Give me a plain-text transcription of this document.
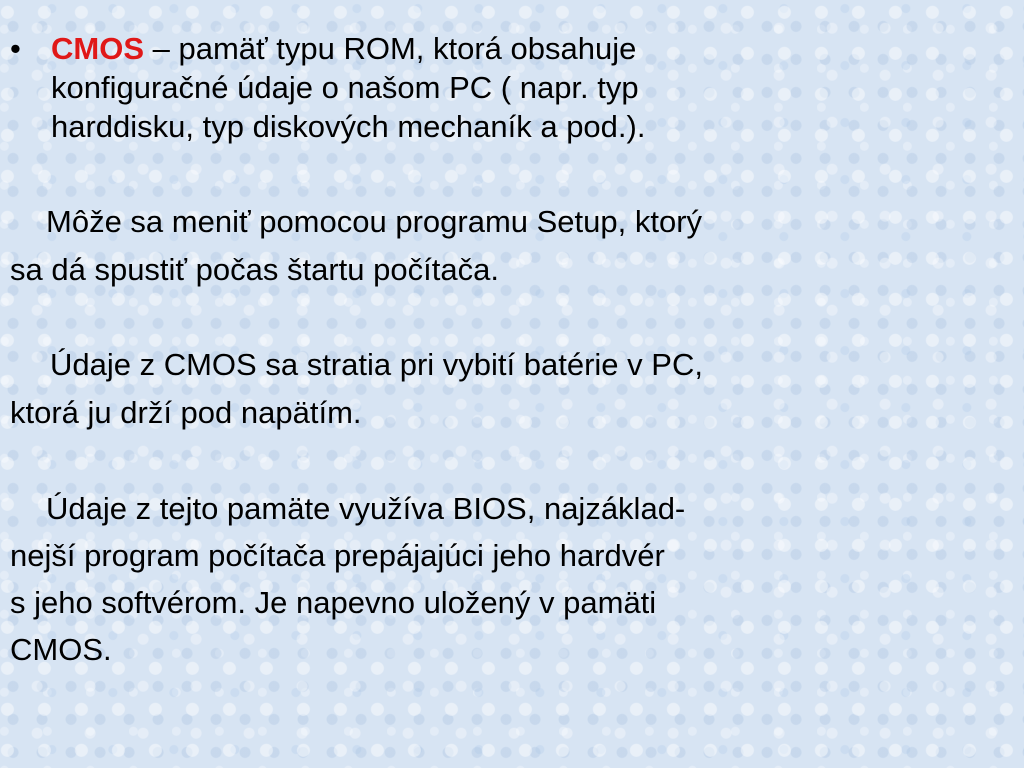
• CMOS – pamäť typu ROM, ktorá obsahuje
konfiguračné údaje o našom PC ( napr. typ
harddisku, typ diskových mechaník a pod.).
Môže sa meniť pomocou programu Setup, ktorý
sa dá spustiť počas štartu počítača.
Údaje z CMOS sa stratia pri vybití batérie v PC,
ktorá ju drží pod napätím.
Údaje z tejto pamäte využíva BIOS, najzáklad-
nejší program počítača prepájajúci jeho hardvér
s jeho softvérom. Je napevno uložený v pamäti
CMOS.
